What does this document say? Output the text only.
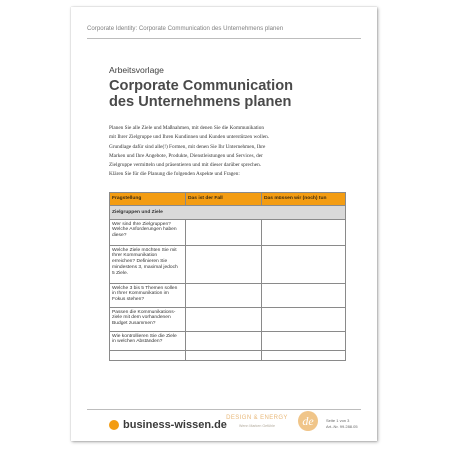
Corporate Identity: Corporate Communication des Unternehmens planen
Arbeitsvorlage
Corporate Communication
des Unternehmens planen
Planen Sie alle Ziele und Maßnahmen, mit denen Sie die Kommunikation
mit Ihrer Zielgruppe und Ihren Kundinnen und Kunden unterstützen wollen.
Grundlage dafür sind alle(!) Formen, mit denen Sie Ihr Unternehmen, Ihre
Marken und Ihre Angebote, Produkte, Dienstleistungen und Services, der
Zielgruppe vermitteln und präsentieren und mit dieser darüber sprechen.
Klären Sie für die Planung die folgenden Aspekte und Fragen:
Fragstellung	Das ist der Fall	Das müssen wir (noch) tun
Zielgruppen und Ziele		

Wer sind Ihre Zielgruppen?
Welche Anforderungen haben
diese?		

Welche Ziele möchten Sie mit
Ihrer Kommunikation
erreichen? Definieren Sie
mindestens 3, maximal jedoch
5 Ziele.		

Welche 3 bis 5 Themen sollen
in Ihrer Kommunikation im
Fokus stehen?		

Passen die Kommunikations-
ziele mit dem vorhandenen
Budget zusammen?		

Wie kontrollieren Sie die Ziele
in welchen Abständen?		

business-wissen.de
DESIGN & ENERGY
Wenn Marken Gefühle	de	Seite 1 von 3
Art.-Nr. 99.288.05
